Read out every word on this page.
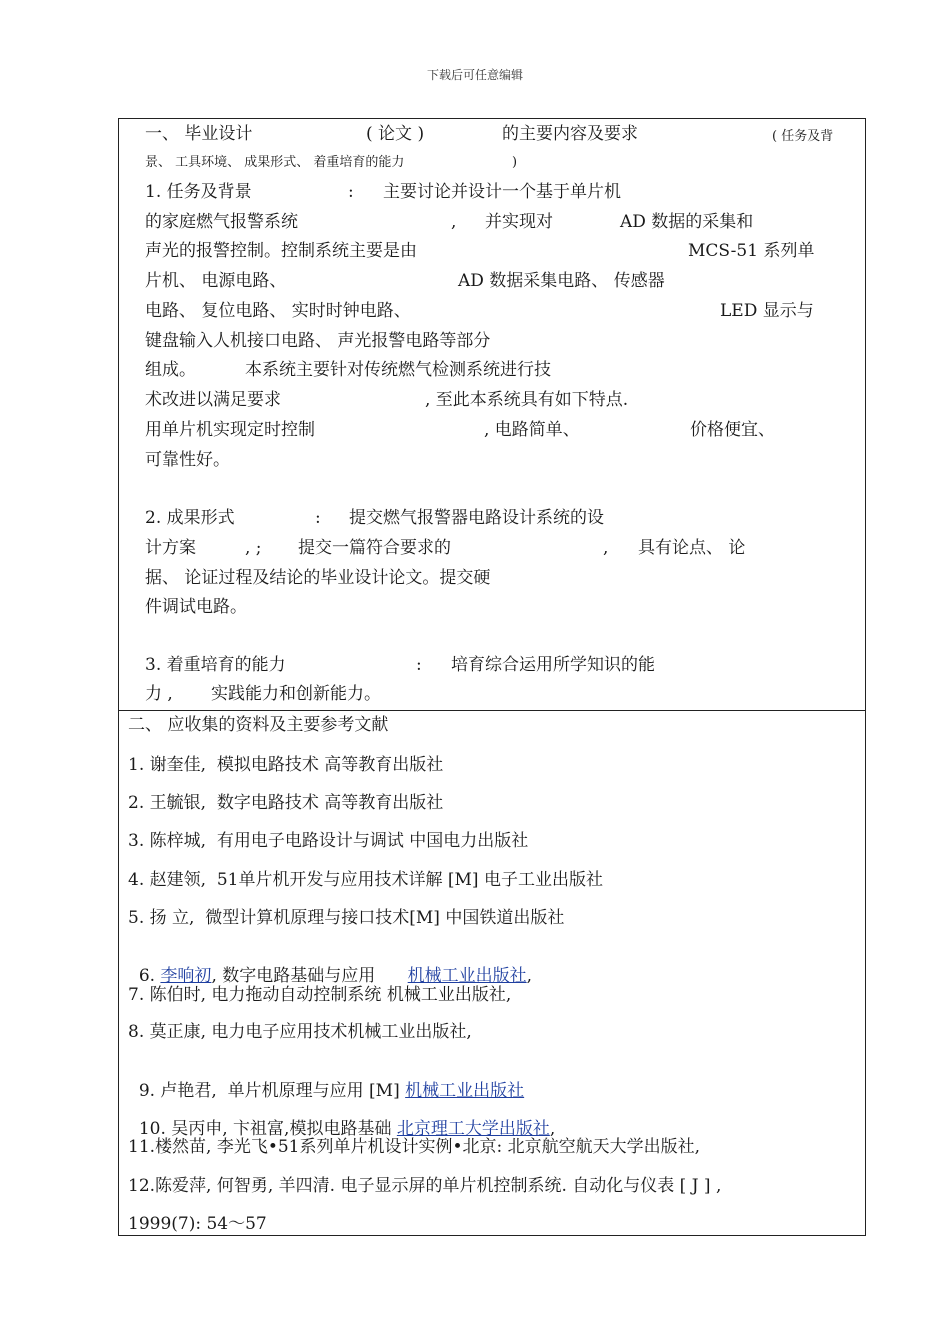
下载后可任意编辑
一、 毕业设计	( 论文 )	的主要内容及要求	( 任务及背
景、 工具环境、 成果形式、 着重培育的能力	)
1. 任务及背景	: 主要讨论并设计一个基于单片机
的家庭燃气报警系统	, 并实现对	AD 数据的采集和
声光的报警控制。控制系统主要是由	MCS-51 系列单
片机、 电源电路、	AD 数据采集电路、 传感器
电路、 复位电路、 实时时钟电路、	LED 显示与
键盘输入人机接口电路、 声光报警电路等部分
组成。	本系统主要针对传统燃气检测系统进行技
术改进以满足要求	, 至此本系统具有如下特点.
用单片机实现定时控制	, 电路简单、	价格便宜、
可靠性好。
2. 成果形式	: 提交燃气报警器电路设计系统的设
计方案	, ; 提交一篇符合要求的	, 具有论点、 论
据、 论证过程及结论的毕业设计论文。提交硬
件调试电路。
3. 着重培育的能力	: 培育综合运用所学知识的能
力 , 实践能力和创新能力。
二、 应收集的资料及主要参考文献
1. 谢奎佳,  模拟电路技术 高等教育出版社
2. 王毓银,  数字电路技术 高等教育出版社
3. 陈梓城,  有用电子电路设计与调试 中国电力出版社
4. 赵建领,  51单片机开发与应用技术详解 [M] 电子工业出版社
5. 扬 立,  微型计算机原理与接口技术[M] 中国铁道出版社

6. 李响初, 数字电路基础与应用      机械工业出版社,

7. 陈伯时, 电力拖动自动控制系统 机械工业出版社,
8. 莫正康, 电力电子应用技术机械工业出版社,

9. 卢艳君,  单片机原理与应用 [M] 机械工业出版社

10. 吴丙申, 卞祖富,模拟电路基础 北京理工大学出版社,

11.楼然苗, 李光飞•51系列单片机设计实例•北京: 北京航空航天大学出版社,
12.陈爱萍, 何智勇, 羊四清. 电子显示屏的单片机控制系统. 自动化与仪表 [ J ] ,
1999(7): 54～57
